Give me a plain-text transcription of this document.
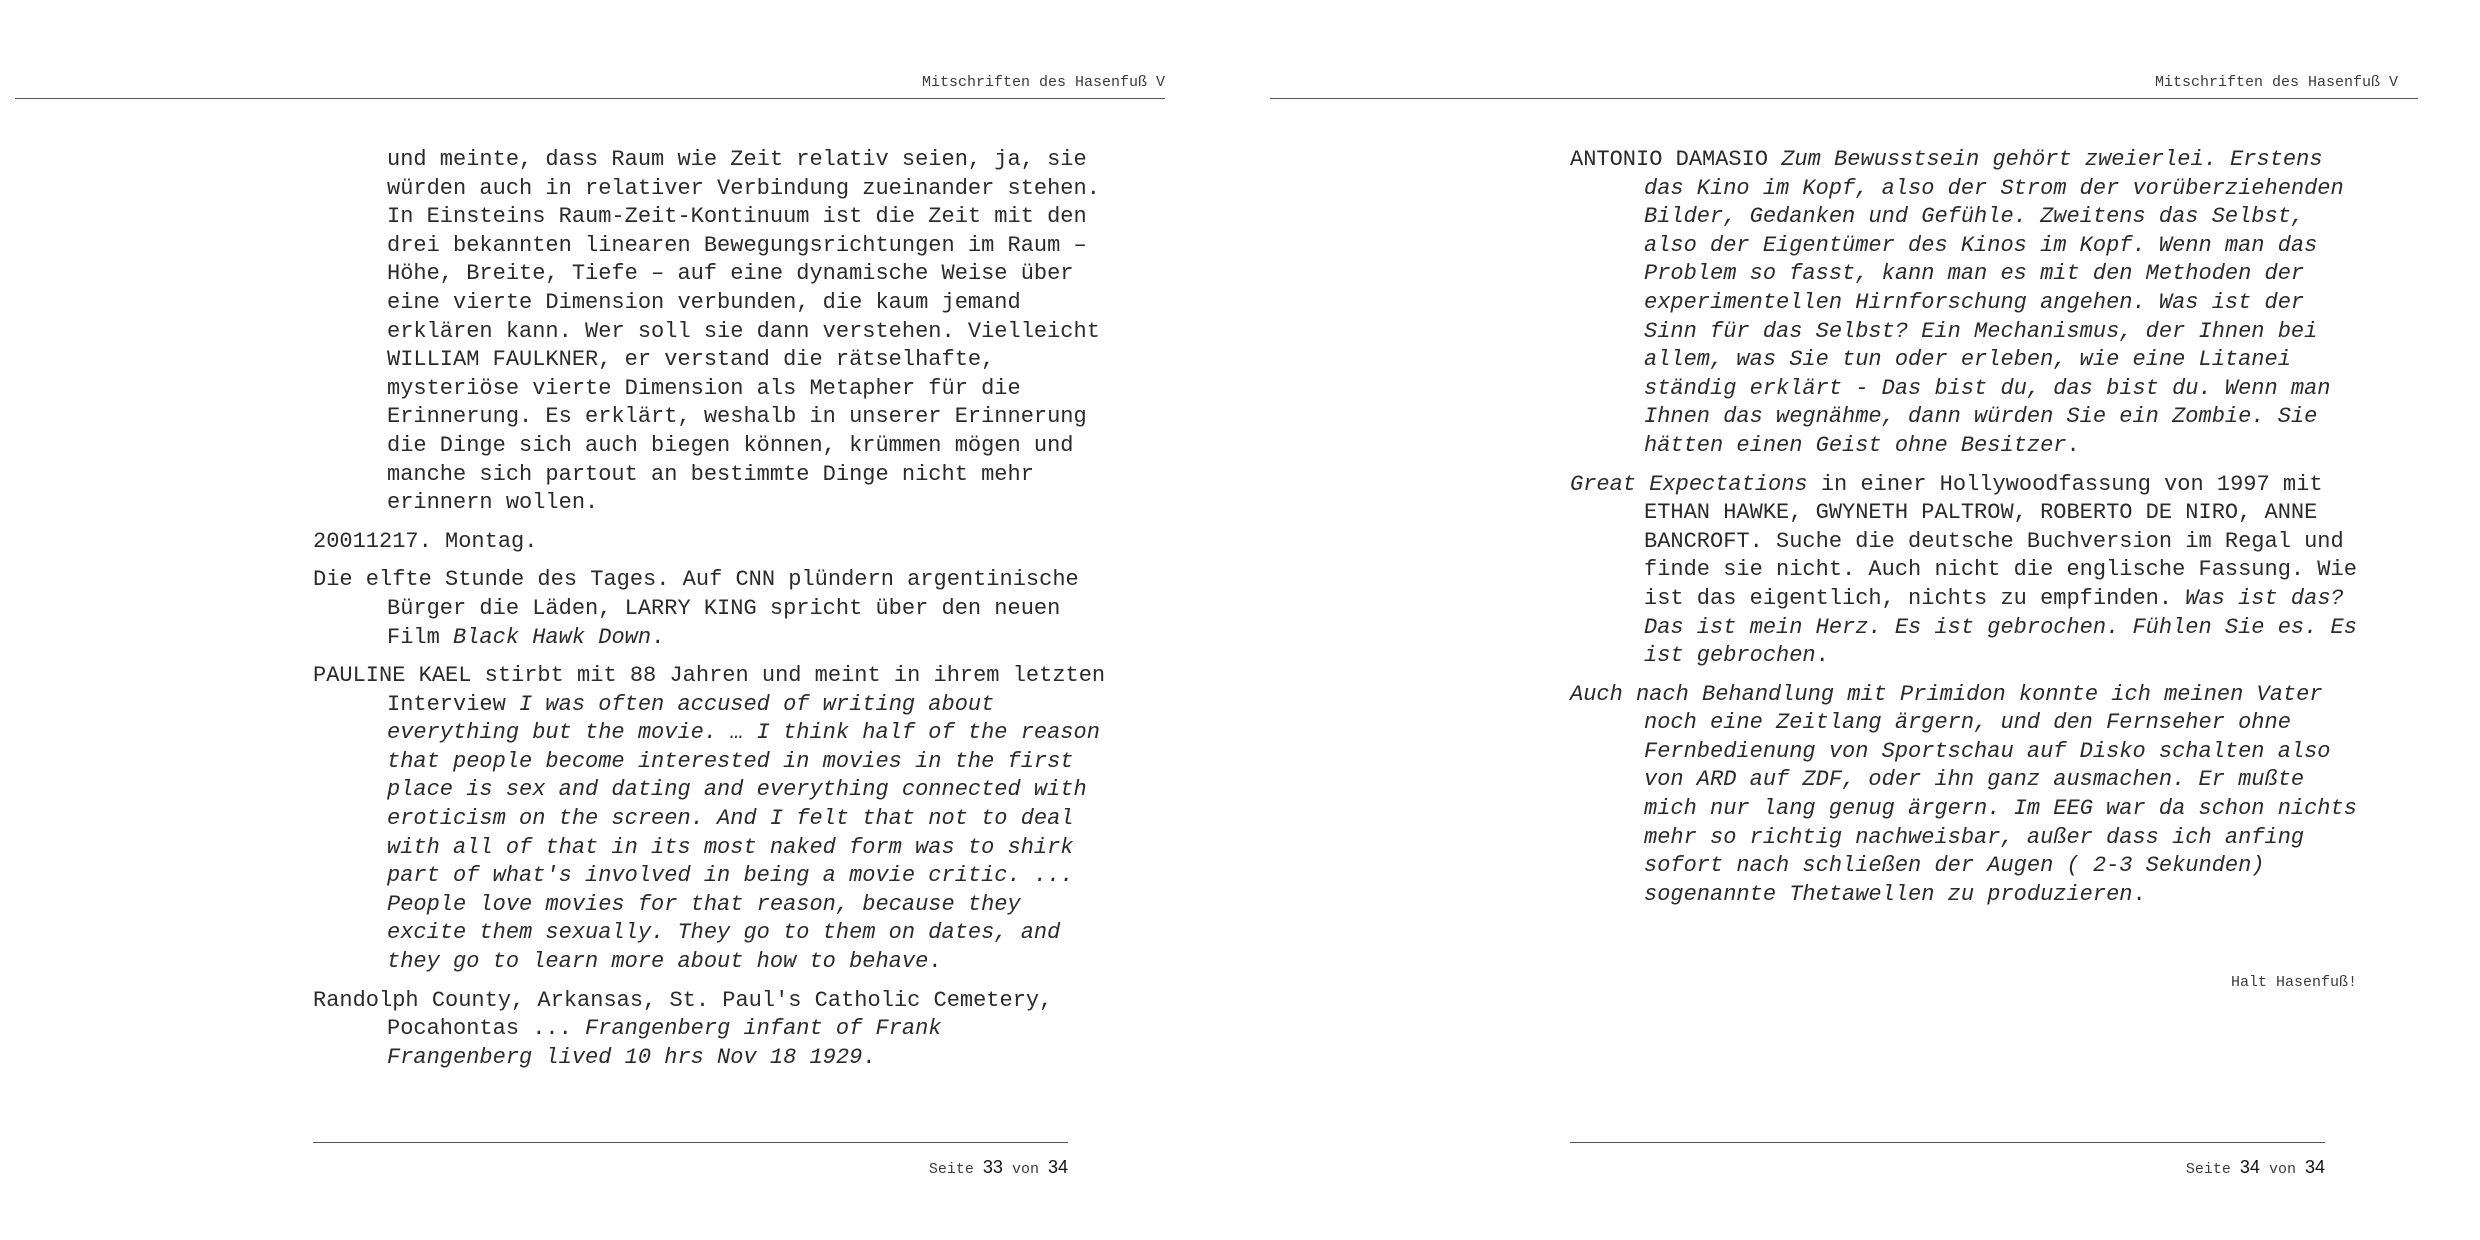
Mitschriften des Hasenfuß V
und meinte, dass Raum wie Zeit relativ seien, ja, sie
würden auch in relativer Verbindung zueinander stehen.
In Einsteins Raum-Zeit-Kontinuum ist die Zeit mit den
drei bekannten linearen Bewegungsrichtungen im Raum –
Höhe, Breite, Tiefe – auf eine dynamische Weise über
eine vierte Dimension verbunden, die kaum jemand
erklären kann. Wer soll sie dann verstehen. Vielleicht
WILLIAM FAULKNER, er verstand die rätselhafte,
mysteriöse vierte Dimension als Metapher für die
Erinnerung. Es erklärt, weshalb in unserer Erinnerung
die Dinge sich auch biegen können, krümmen mögen und
manche sich partout an bestimmte Dinge nicht mehr
erinnern wollen.
20011217. Montag.
Die elfte Stunde des Tages. Auf CNN plündern argentinische
Bürger die Läden, LARRY KING spricht über den neuen
Film Black Hawk Down.
PAULINE KAEL stirbt mit 88 Jahren und meint in ihrem letzten
Interview I was often accused of writing about
everything but the movie. … I think half of the reason
that people become interested in movies in the first
place is sex and dating and everything connected with
eroticism on the screen. And I felt that not to deal
with all of that in its most naked form was to shirk
part of what's involved in being a movie critic. ...
People love movies for that reason, because they
excite them sexually. They go to them on dates, and
they go to learn more about how to behave.
Randolph County, Arkansas, St. Paul's Catholic Cemetery,
Pocahontas ... Frangenberg infant of Frank
Frangenberg lived 10 hrs Nov 18 1929.
Seite 33 von 34
Mitschriften des Hasenfuß V
ANTONIO DAMASIO Zum Bewusstsein gehört zweierlei. Erstens
das Kino im Kopf, also der Strom der vorüberziehenden
Bilder, Gedanken und Gefühle. Zweitens das Selbst,
also der Eigentümer des Kinos im Kopf. Wenn man das
Problem so fasst, kann man es mit den Methoden der
experimentellen Hirnforschung angehen. Was ist der
Sinn für das Selbst? Ein Mechanismus, der Ihnen bei
allem, was Sie tun oder erleben, wie eine Litanei
ständig erklärt - Das bist du, das bist du. Wenn man
Ihnen das wegnähme, dann würden Sie ein Zombie. Sie
hätten einen Geist ohne Besitzer.
Great Expectations in einer Hollywoodfassung von 1997 mit
ETHAN HAWKE, GWYNETH PALTROW, ROBERTO DE NIRO, ANNE
BANCROFT. Suche die deutsche Buchversion im Regal und
finde sie nicht. Auch nicht die englische Fassung. Wie
ist das eigentlich, nichts zu empfinden. Was ist das?
Das ist mein Herz. Es ist gebrochen. Fühlen Sie es. Es
ist gebrochen.
Auch nach Behandlung mit Primidon konnte ich meinen Vater
noch eine Zeitlang ärgern, und den Fernseher ohne
Fernbedienung von Sportschau auf Disko schalten also
von ARD auf ZDF, oder ihn ganz ausmachen. Er mußte
mich nur lang genug ärgern. Im EEG war da schon nichts
mehr so richtig nachweisbar, außer dass ich anfing
sofort nach schließen der Augen ( 2-3 Sekunden)
sogenannte Thetawellen zu produzieren.
Halt Hasenfuß!
Seite 34 von 34
